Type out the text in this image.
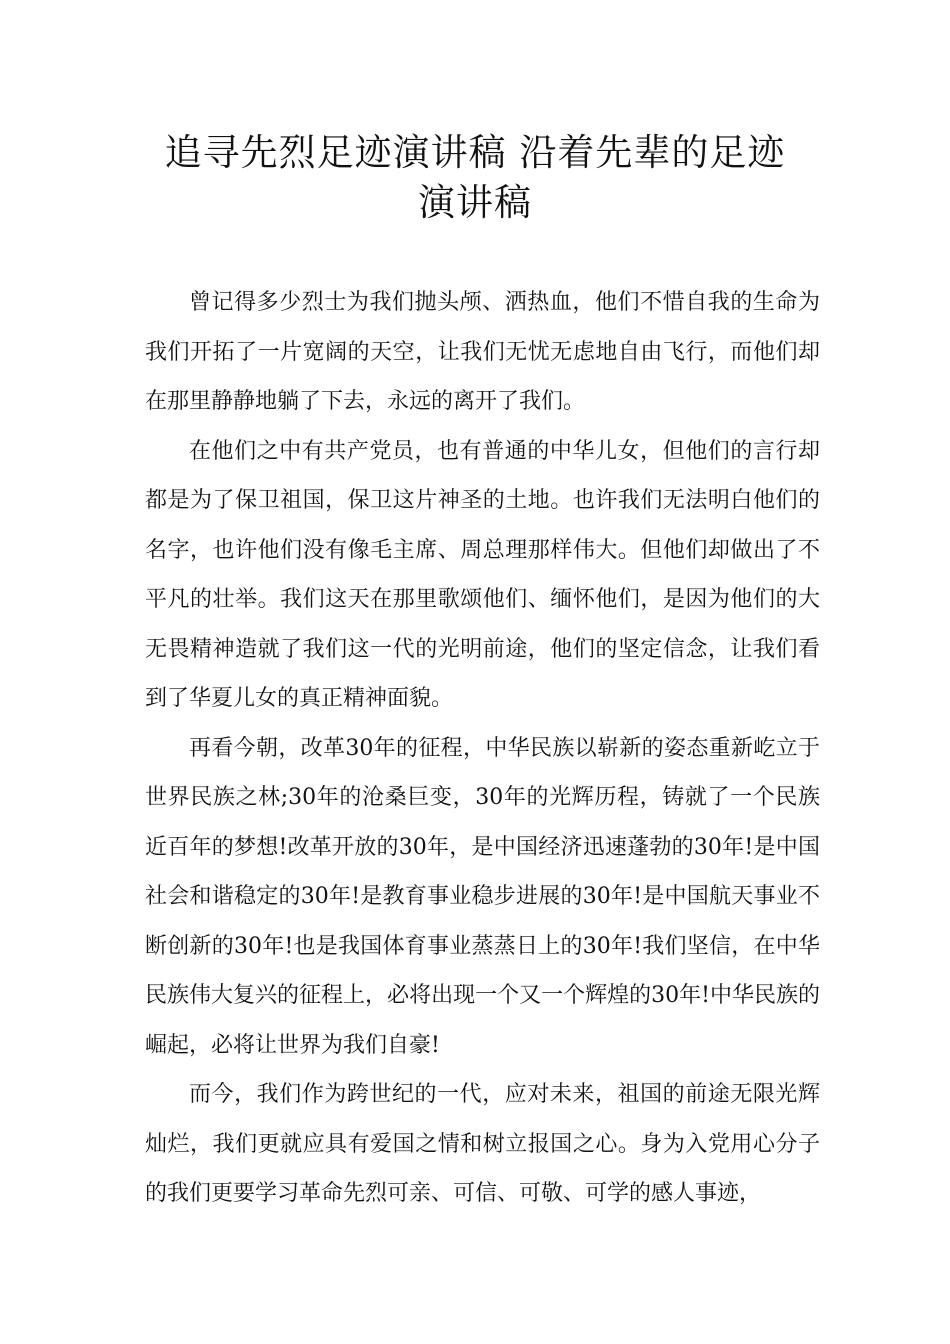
追寻先烈足迹演讲稿 沿着先辈的足迹
演讲稿

曾记得多少烈士为我们抛头颅、洒热血，他们不惜自我的生命为我们开拓了一片宽阔的天空，让我们无忧无虑地自由飞行，而他们却在那里静静地躺了下去，永远的离开了我们。

在他们之中有共产党员，也有普通的中华儿女，但他们的言行却都是为了保卫祖国，保卫这片神圣的土地。也许我们无法明白他们的名字，也许他们没有像毛主席、周总理那样伟大。但他们却做出了不平凡的壮举。我们这天在那里歌颂他们、缅怀他们，是因为他们的大无畏精神造就了我们这一代的光明前途，他们的坚定信念，让我们看到了华夏儿女的真正精神面貌。

再看今朝，改革30年的征程，中华民族以崭新的姿态重新屹立于世界民族之林;30年的沧桑巨变，30年的光辉历程，铸就了一个民族近百年的梦想!改革开放的30年，是中国经济迅速蓬勃的30年!是中国社会和谐稳定的30年!是教育事业稳步进展的30年!是中国航天事业不断创新的30年!也是我国体育事业蒸蒸日上的30年!我们坚信，在中华民族伟大复兴的征程上，必将出现一个又一个辉煌的30年!中华民族的崛起，必将让世界为我们自豪!

而今，我们作为跨世纪的一代，应对未来，祖国的前途无限光辉灿烂，我们更就应具有爱国之情和树立报国之心。身为入党用心分子的我们更要学习革命先烈可亲、可信、可敬、可学的感人事迹，
